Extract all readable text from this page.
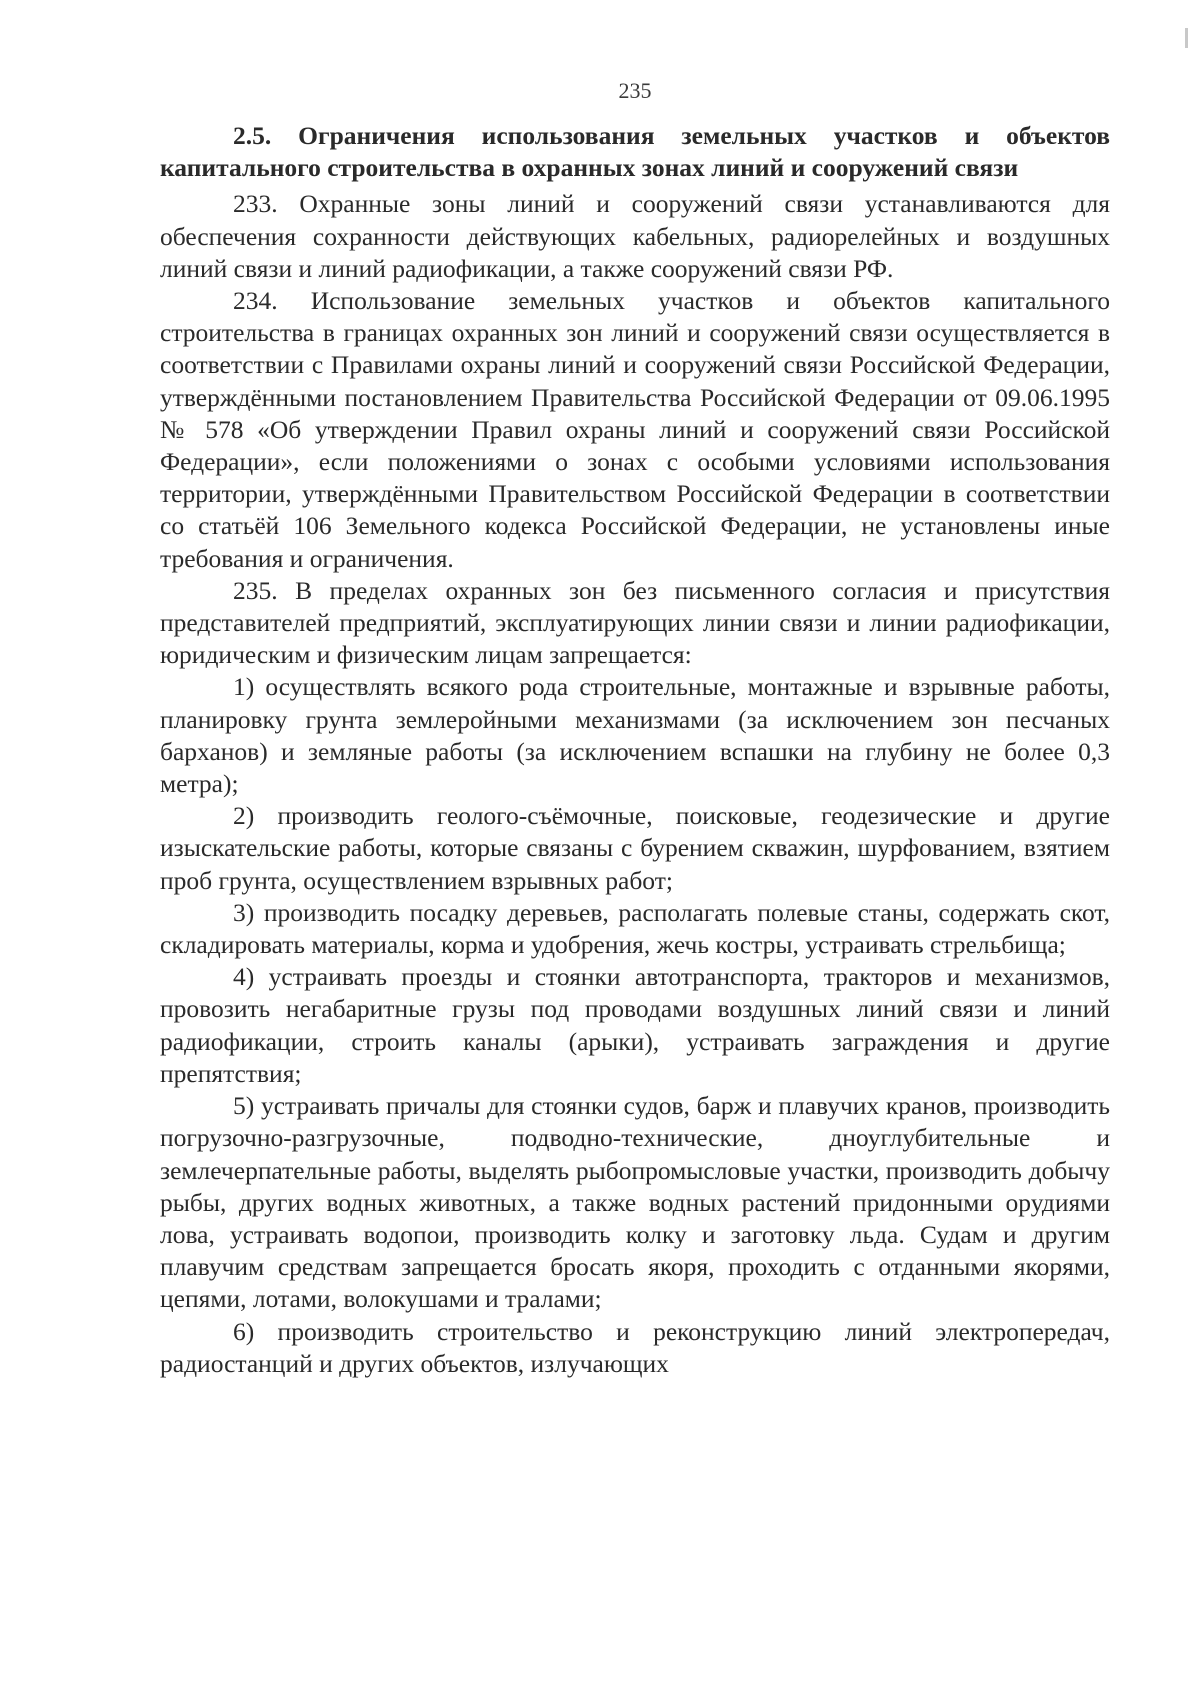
235

2.5. Ограничения использования земельных участков и объектов капитального строительства в охранных зонах линий и сооружений связи

233. Охранные зоны линий и сооружений связи устанавливаются для обеспечения сохранности действующих кабельных, радиорелейных и воздушных линий связи и линий радиофикации, а также сооружений связи РФ.

234. Использование земельных участков и объектов капитального строительства в границах охранных зон линий и сооружений связи осуществляется в соответствии с Правилами охраны линий и сооружений связи Российской Федерации, утверждёнными постановлением Правительства Российской Федерации от 09.06.1995 № 578 «Об утверждении Правил охраны линий и сооружений связи Российской Федерации», если положениями о зонах с особыми условиями использования территории, утверждёнными Правительством Российской Федерации в соответствии со статьёй 106 Земельного кодекса Российской Федерации, не установлены иные требования и ограничения.

235. В пределах охранных зон без письменного согласия и присутствия представителей предприятий, эксплуатирующих линии связи и линии радиофикации, юридическим и физическим лицам запрещается:

1) осуществлять всякого рода строительные, монтажные и взрывные работы, планировку грунта землеройными механизмами (за исключением зон песчаных барханов) и земляные работы (за исключением вспашки на глубину не более 0,3 метра);

2) производить геолого-съёмочные, поисковые, геодезические и другие изыскательские работы, которые связаны с бурением скважин, шурфованием, взятием проб грунта, осуществлением взрывных работ;

3) производить посадку деревьев, располагать полевые станы, содержать скот, складировать материалы, корма и удобрения, жечь костры, устраивать стрельбища;

4) устраивать проезды и стоянки автотранспорта, тракторов и механизмов, провозить негабаритные грузы под проводами воздушных линий связи и линий радиофикации, строить каналы (арыки), устраивать заграждения и другие препятствия;

5) устраивать причалы для стоянки судов, барж и плавучих кранов, производить погрузочно-разгрузочные, подводно-технические, дноуглубительные и землечерпательные работы, выделять рыбопромысловые участки, производить добычу рыбы, других водных животных, а также водных растений придонными орудиями лова, устраивать водопои, производить колку и заготовку льда. Судам и другим плавучим средствам запрещается бросать якоря, проходить с отданными якорями, цепями, лотами, волокушами и тралами;

6) производить строительство и реконструкцию линий электропередач, радиостанций и других объектов, излучающих
